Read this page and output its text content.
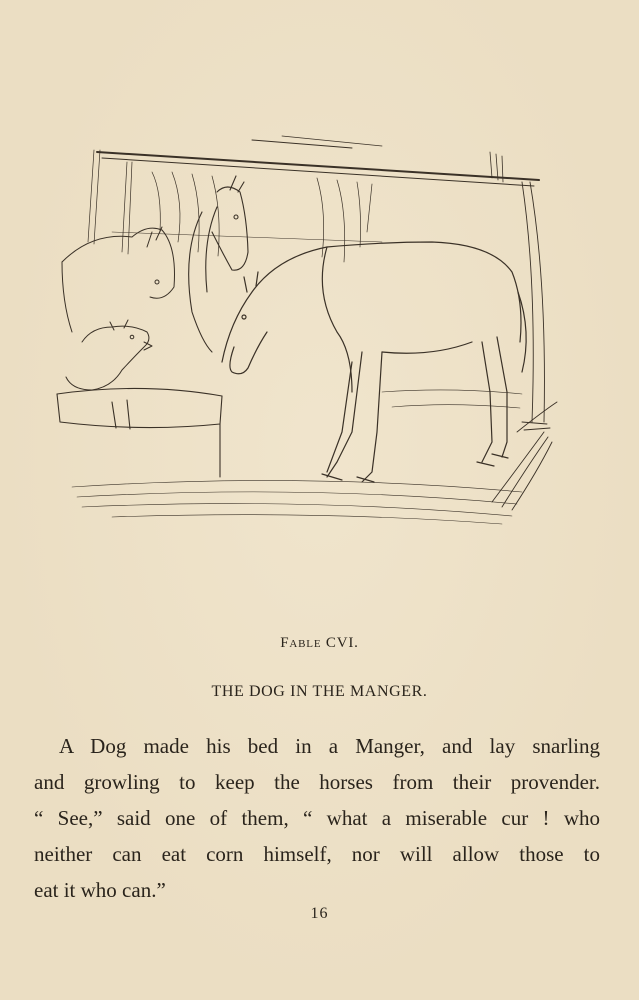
Fable CVI.
THE DOG IN THE MANGER.

A Dog made his bed in a Manger, and lay snarling
and growling to keep the horses from their provender.
“ See,” said one of them, “ what a miserable cur ! who
neither can eat corn himself, nor will allow those to
eat it who can.”

16
